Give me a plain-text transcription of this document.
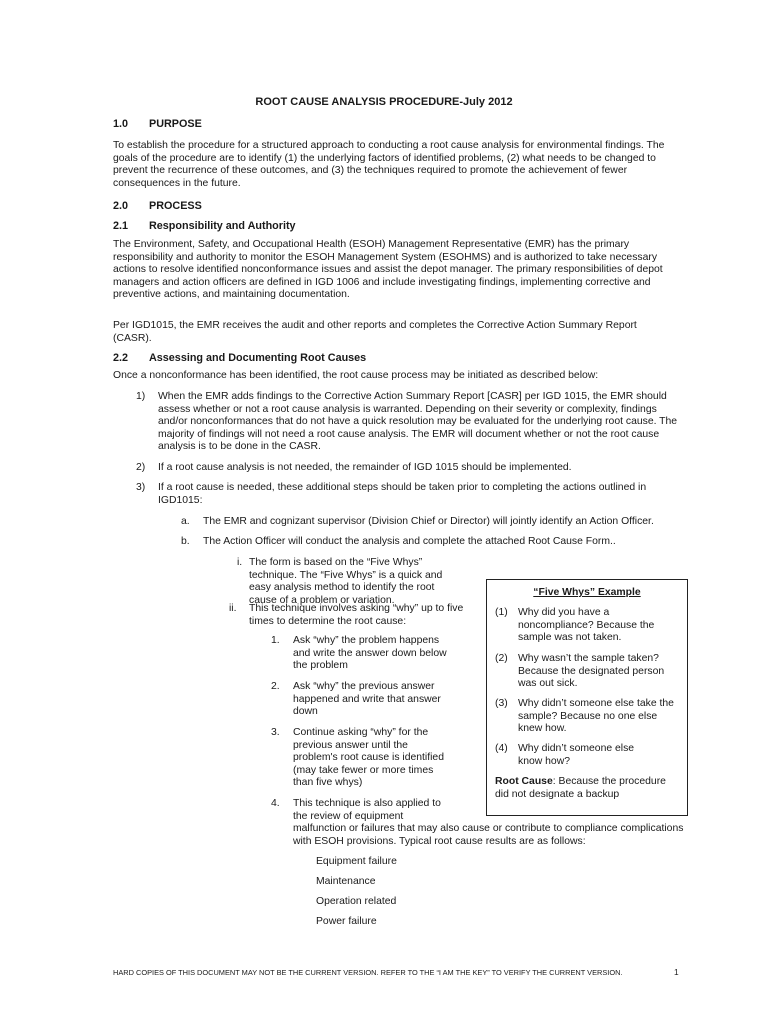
ROOT CAUSE ANALYSIS PROCEDURE-July 2012
1.0 PURPOSE
To establish the procedure for a structured approach to conducting a root cause analysis for environmental findings. The goals of the procedure are to identify (1) the underlying factors of identified problems, (2) what needs to be changed to prevent the recurrence of these outcomes, and (3) the techniques required to promote the achievement of fewer consequences in the future.
2.0 PROCESS
2.1 Responsibility and Authority
The Environment, Safety, and Occupational Health (ESOH) Management Representative (EMR) has the primary responsibility and authority to monitor the ESOH Management System (ESOHMS) and is authorized to take necessary actions to resolve identified nonconformance issues and assist the depot manager. The primary responsibilities of depot managers and action officers are defined in IGD 1006 and include investigating findings, implementing corrective and preventive actions, and maintaining documentation.
Per IGD1015, the EMR receives the audit and other reports and completes the Corrective Action Summary Report (CASR).
2.2 Assessing and Documenting Root Causes
Once a nonconformance has been identified, the root cause process may be initiated as described below:
1) When the EMR adds findings to the Corrective Action Summary Report [CASR] per IGD 1015, the EMR should assess whether or not a root cause analysis is warranted. Depending on their severity or complexity, findings and/or nonconformances that do not have a quick resolution may be evaluated for the underlying root cause. The majority of findings will not need a root cause analysis. The EMR will document whether or not the root cause analysis is to be done in the CASR.
2) If a root cause analysis is not needed, the remainder of IGD 1015 should be implemented.
3) If a root cause is needed, these additional steps should be taken prior to completing the actions outlined in IGD1015:
a. The EMR and cognizant supervisor (Division Chief or Director) will jointly identify an Action Officer.
b. The Action Officer will conduct the analysis and complete the attached Root Cause Form..
i. The form is based on the “Five Whys” technique. The “Five Whys” is a quick and easy analysis method to identify the root cause of a problem or variation.
ii. This technique involves asking “why” up to five times to determine the root cause:
1. Ask “why” the problem happens and write the answer down below the problem
2. Ask “why” the previous answer happened and write that answer down
3. Continue asking “why” for the previous answer until the problem's root cause is identified (may take fewer or more times than five whys)
4. This technique is also applied to the review of equipment malfunction or failures that may also cause or contribute to compliance complications with ESOH provisions. Typical root cause results are as follows:
Equipment failure
Maintenance
Operation related
Power failure
“Five Whys” Example
(1) Why did you have a noncompliance? Because the sample was not taken.
(2) Why wasn’t the sample taken? Because the designated person was out sick.
(3) Why didn’t someone else take the sample? Because no one else knew how.
(4) Why didn’t someone else know how?
Root Cause: Because the procedure did not designate a backup
HARD COPIES OF THIS DOCUMENT MAY NOT BE THE CURRENT VERSION. REFER TO THE “I AM THE KEY” TO VERIFY THE CURRENT VERSION.	1
